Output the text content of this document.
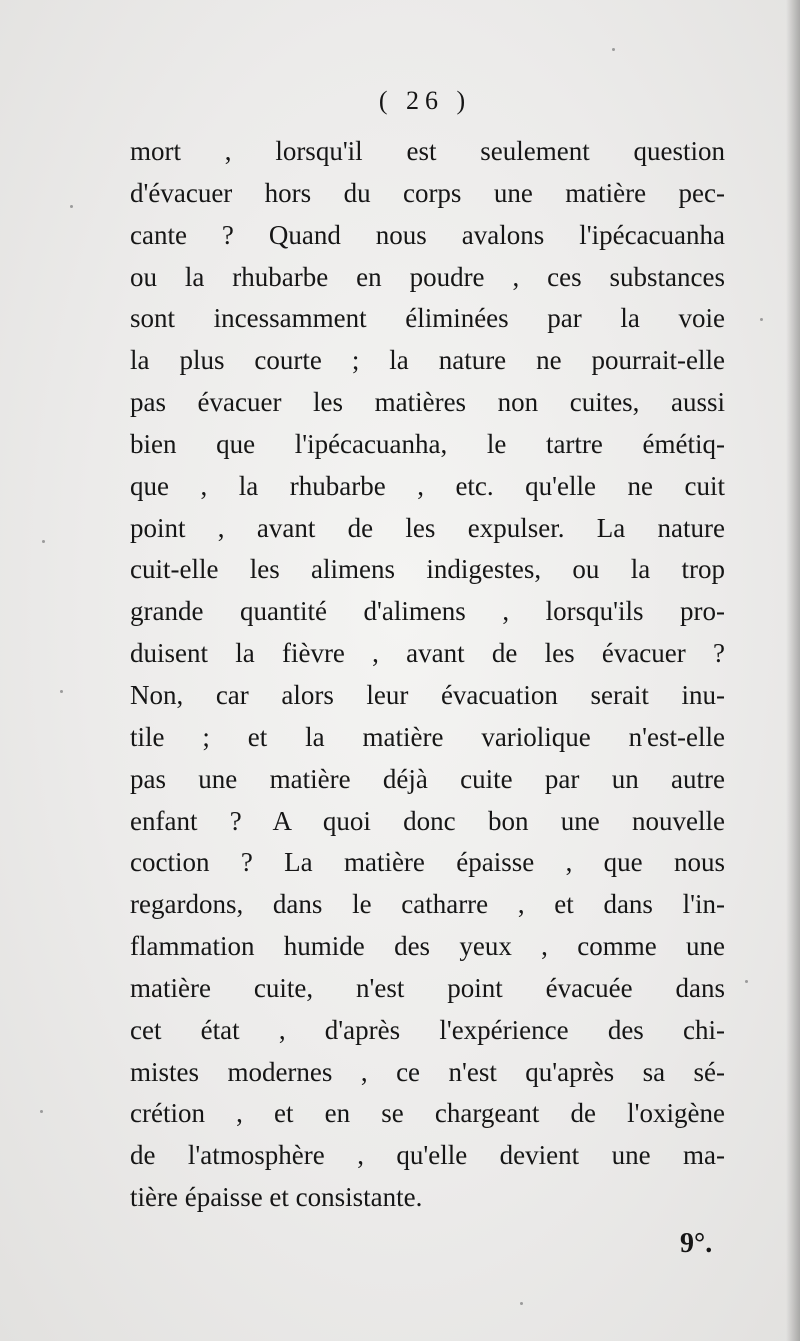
( 26 )
mort , lorsqu'il est seulement question
d'évacuer hors du corps une matière pec-
cante ? Quand nous avalons l'ipécacuanha
ou la rhubarbe en poudre , ces substances
sont incessamment éliminées par la voie
la plus courte ; la nature ne pourrait-elle
pas évacuer les matières non cuites, aussi
bien que l'ipécacuanha, le tartre émétiq-
que , la rhubarbe , etc. qu'elle ne cuit
point , avant de les expulser. La nature
cuit-elle les alimens indigestes, ou la trop
grande quantité d'alimens , lorsqu'ils pro-
duisent la fièvre , avant de les évacuer ?
Non, car alors leur évacuation serait inu-
tile ; et la matière variolique n'est-elle
pas une matière déjà cuite par un autre
enfant ? A quoi donc bon une nouvelle
coction ? La matière épaisse , que nous
regardons, dans le catharre , et dans l'in-
flammation humide des yeux , comme une
matière cuite, n'est point évacuée dans
cet état , d'après l'expérience des chi-
mistes modernes , ce n'est qu'après sa sé-
crétion , et en se chargeant de l'oxigène
de l'atmosphère , qu'elle devient une ma-
tière épaisse et consistante.
9°.
